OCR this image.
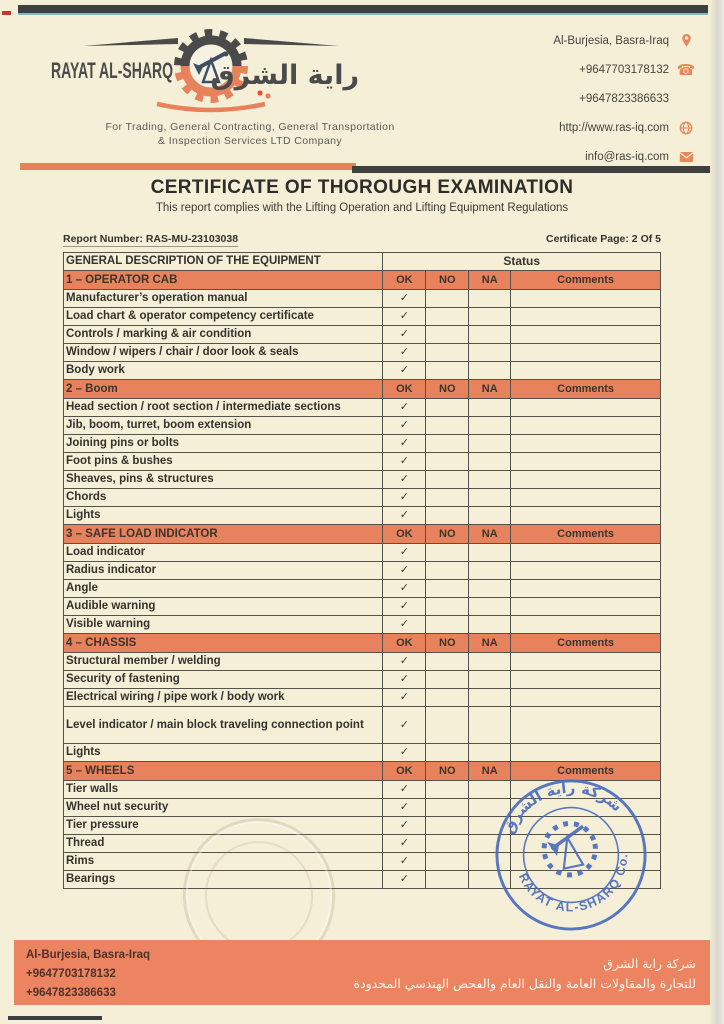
RAYAT AL-SHARQ راية الشرق
For Trading, General Contracting, General Transportation
& Inspection Services LTD Company
Al-Burjesia, Basra-Iraq
+9647703178132 ☎
+9647823386633
http://www.ras-iq.com
info@ras-iq.com
CERTIFICATE OF THOROUGH EXAMINATION
This report complies with the Lifting Operation and Lifting Equipment Regulations
Report Number: RAS-MU-23103038	Certificate Page: 2 Of 5
GENERAL DESCRIPTION OF THE EQUIPMENT	Status			
1 – OPERATOR CAB	OK	NO	NA	Comments
Manufacturer’s operation manual	✓			
Load chart & operator competency certificate	✓			
Controls / marking & air condition	✓			
Window / wipers / chair / door look & seals	✓			
Body work	✓			
2 – Boom	OK	NO	NA	Comments
Head section / root section / intermediate sections	✓			
Jib, boom, turret, boom extension	✓			
Joining pins or bolts	✓			
Foot pins & bushes	✓			
Sheaves, pins & structures	✓			
Chords	✓			
Lights	✓			
3 – SAFE LOAD INDICATOR	OK	NO	NA	Comments
Load indicator	✓			
Radius indicator	✓			
Angle	✓			
Audible warning	✓			
Visible warning	✓			
4 – CHASSIS	OK	NO	NA	Comments
Structural member / welding	✓			
Security of fastening	✓			
Electrical wiring / pipe work / body work	✓			
Level indicator / main block traveling connection point	✓			
Lights	✓			
5 – WHEELS	OK	NO	NA	Comments
Tier walls	✓			
Wheel nut security	✓			
Tier pressure	✓			
Thread	✓			
Rims	✓			
Bearings	✓			
شركة راية الشرق
RAYAT AL-SHARQ Co.
Al-Burjesia, Basra-Iraq
+9647703178132
+9647823386633
شركة راية الشرق
للتجارة والمقاولات العامة والنقل العام والفحص الهندسي المحدودة
